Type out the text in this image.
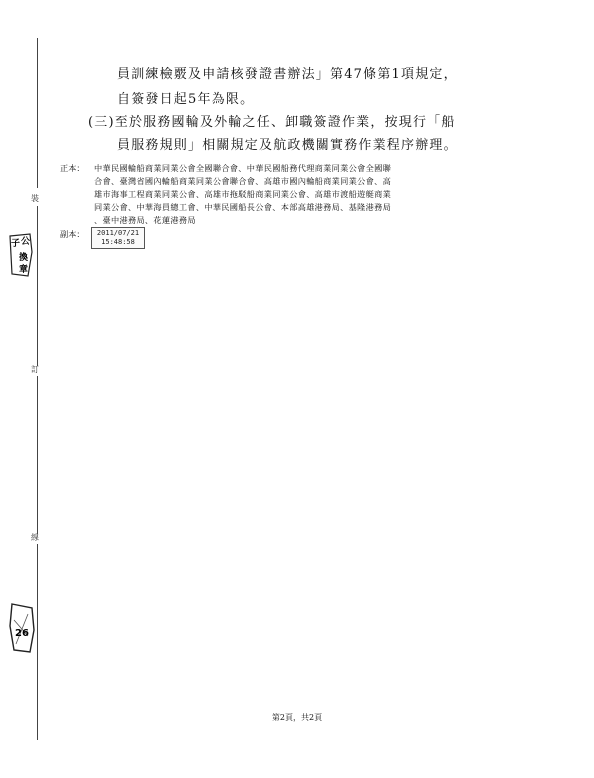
裝
訂
線
子 公
換
章
26
員訓練檢覈及申請核發證書辦法」第47條第1項規定，
自簽發日起5年為限。
(三)至於服務國輪及外輪之任、卸職簽證作業，按現行「船
員服務規則」相關規定及航政機關實務作業程序辦理。
正本： 中華民國輪船商業同業公會全國聯合會、中華民國船務代理商業同業公會全國聯
合會、臺灣省國內輪船商業同業公會聯合會、高雄市國內輪船商業同業公會、高
雄市海事工程商業同業公會、高雄市拖駁船商業同業公會、高雄市渡船遊艇商業
同業公會、中華海員總工會、中華民國船長公會、本部高雄港務局、基隆港務局
、臺中港務局、花蓮港務局
副本：	2011/07/21
15:48:58
第2頁，共2頁
